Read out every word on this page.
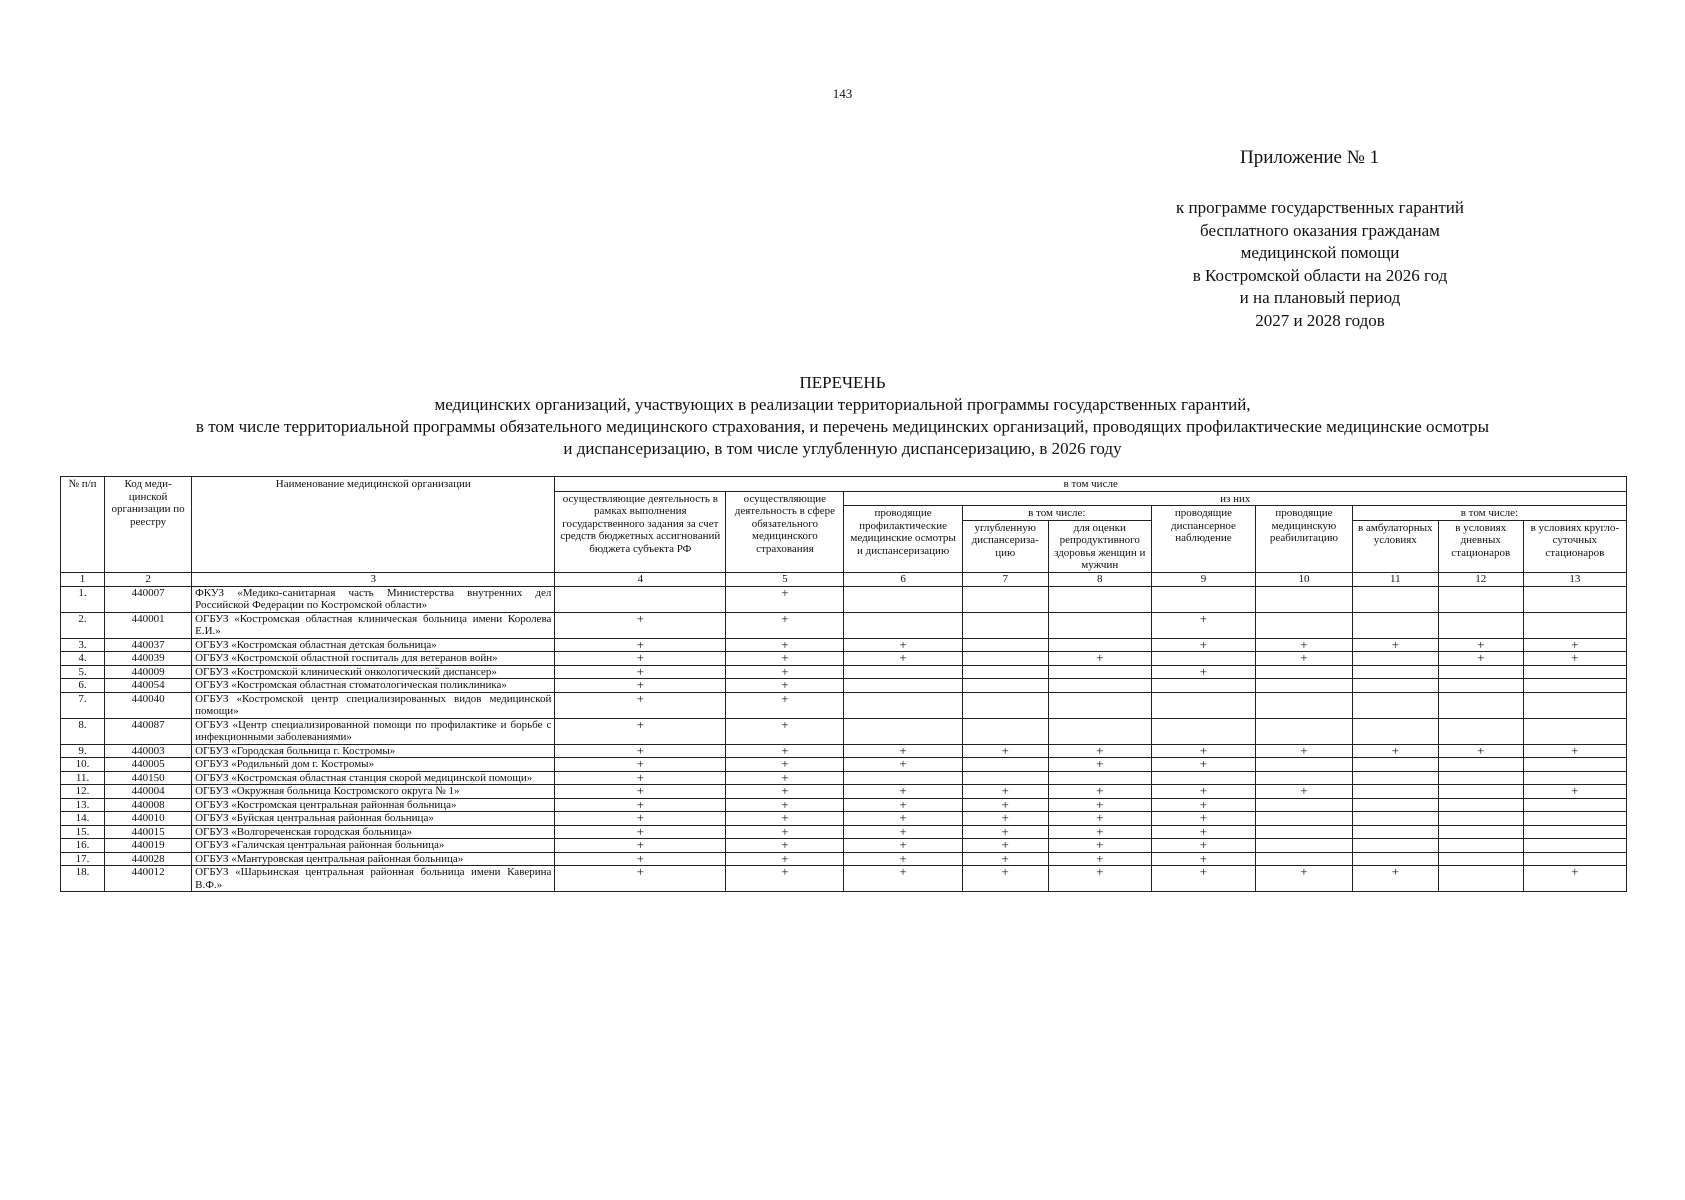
143
Приложение № 1
к программе государственных гарантий
бесплатного оказания гражданам
медицинской помощи
в Костромской области на 2026 год
и на плановый период
2027 и 2028 годов
ПЕРЕЧЕНЬ
медицинских организаций, участвующих в реализации территориальной программы государственных гарантий,
в том числе территориальной программы обязательного медицинского страхования, и перечень медицинских организаций, проводящих профилактические медицинские осмотры
и диспансеризацию, в том числе углубленную диспансеризацию, в 2026 году
№ п/п	Код медицинской организации по реестру	Наименование медицинской организации	в том числе									
			осуществляющие деятельность в рамках выполнения государственного задания за счет средств бюджетных ассигнований бюджета субъекта РФ	осуществляющие деятельность в сфере обязательного медицинского страхования	из них							
					проводящие профилактические медицинские осмотры и диспансеризацию	в том числе:		проводящие диспансерное наблюдение	проводящие медицинскую реабилитацию	в том числе:		
						углубленную диспансеризацию	для оценки репродуктивного здоровья женщин и мужчин			в амбулаторных условиях	в условиях дневных стационаров	в условиях круглосуточных стационаров
1	2	3	4	5	6	7	8	9	10	11	12	13
1.	440007	ФКУЗ «Медико-санитарная часть Министерства внутренних дел Российской Федерации по Костромской области»		+								
2.	440001	ОГБУЗ «Костромская областная клиническая больница имени Королева Е.И.»	+	+				+				
3.	440037	ОГБУЗ «Костромская областная детская больница»	+	+	+			+	+	+	+	+
4.	440039	ОГБУЗ «Костромской областной госпиталь для ветеранов войн»	+	+	+		+		+		+	+
5.	440009	ОГБУЗ «Костромской клинический онкологический диспансер»	+	+				+				
6.	440054	ОГБУЗ «Костромская областная стоматологическая поликлиника»	+	+								
7.	440040	ОГБУЗ «Костромской центр специализированных видов медицинской помощи»	+	+								
8.	440087	ОГБУЗ «Центр специализированной помощи по профилактике и борьбе с инфекционными заболеваниями»	+	+								
9.	440003	ОГБУЗ «Городская больница г. Костромы»	+	+	+	+	+	+	+	+	+	+
10.	440005	ОГБУЗ «Родильный дом г. Костромы»	+	+	+		+	+				
11.	440150	ОГБУЗ «Костромская областная станция скорой медицинской помощи»	+	+								
12.	440004	ОГБУЗ «Окружная больница Костромского округа № 1»	+	+	+	+	+	+	+			+
13.	440008	ОГБУЗ «Костромская центральная районная больница»	+	+	+	+	+	+				
14.	440010	ОГБУЗ «Буйская центральная районная больница»	+	+	+	+	+	+				
15.	440015	ОГБУЗ «Волгореченская городская больница»	+	+	+	+	+	+				
16.	440019	ОГБУЗ «Галичская центральная районная больница»	+	+	+	+	+	+				
17.	440028	ОГБУЗ «Мантуровская центральная районная больница»	+	+	+	+	+	+				
18.	440012	ОГБУЗ «Шарьинская центральная районная больница имени Каверина В.Ф.»	+	+	+	+	+	+	+	+		+
